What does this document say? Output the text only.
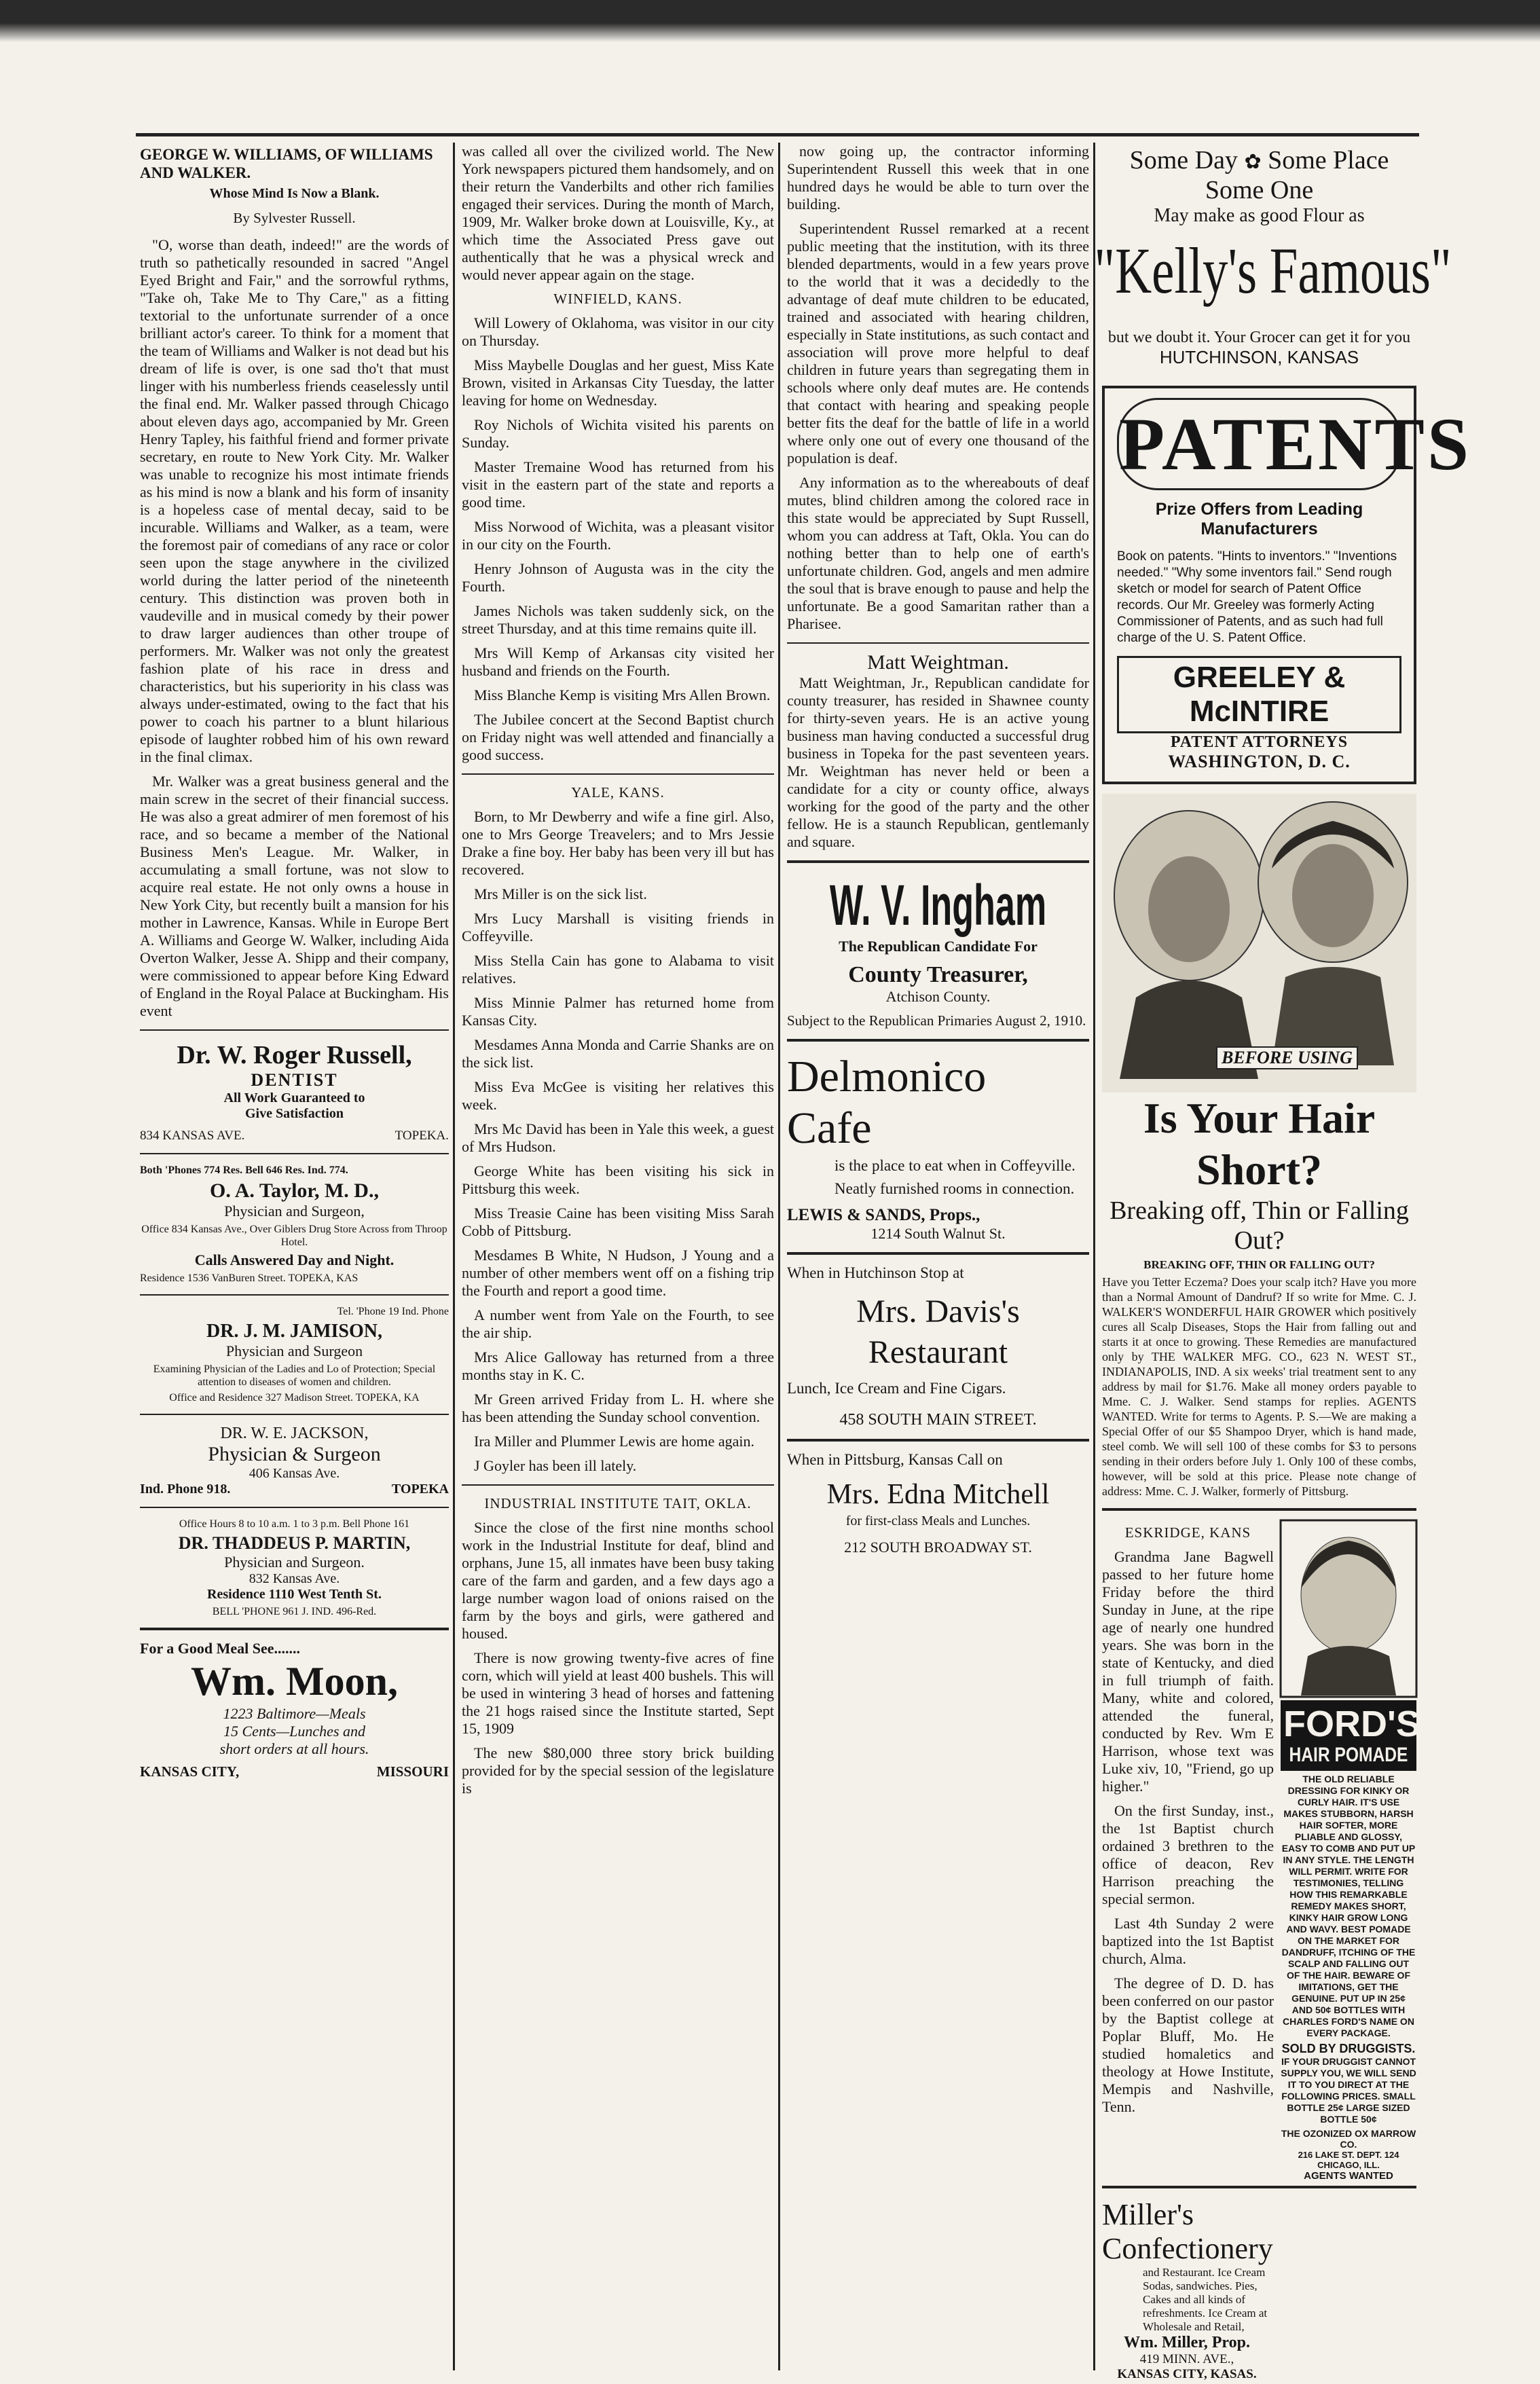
GEORGE W. WILLIAMS, OF WILLIAMS AND WALKER.
Whose Mind Is Now a Blank.
By Sylvester Russell.

"O, worse than death, indeed!" are the words of truth so pathetically resounded in sacred "Angel Eyed Bright and Fair," and the sorrowful rythms, "Take oh, Take Me to Thy Care," as a fitting textorial to the unfortunate surrender of a once brilliant actor's career. To think for a moment that the team of Williams and Walker is not dead but his dream of life is over, is one sad tho't that must linger with his numberless friends ceaselessly until the final end. Mr. Walker passed through Chicago about eleven days ago, accompanied by Mr. Green Henry Tapley, his faithful friend and former private secretary, en route to New York City. Mr. Walker was unable to recognize his most intimate friends as his mind is now a blank and his form of insanity is a hopeless case of mental decay, said to be incurable. Williams and Walker, as a team, were the foremost pair of comedians of any race or color seen upon the stage anywhere in the civilized world during the latter period of the nineteenth century. This distinction was proven both in vaudeville and in musical comedy by their power to draw larger audiences than other troupe of performers. Mr. Walker was not only the greatest fashion plate of his race in dress and characteristics, but his superiority in his class was always under-estimated, owing to the fact that his power to coach his partner to a blunt hilarious episode of laughter robbed him of his own reward in the final climax.

Mr. Walker was a great business general and the main screw in the secret of their financial success. He was also a great admirer of men foremost of his race, and so became a member of the National Business Men's League. Mr. Walker, in accumulating a small fortune, was not slow to acquire real estate. He not only owns a house in New York City, but recently built a mansion for his mother in Lawrence, Kansas. While in Europe Bert A. Williams and George W. Walker, including Aida Overton Walker, Jesse A. Shipp and their company, were commissioned to appear before King Edward of England in the Royal Palace at Buckingham. His event

Dr. W. Roger Russell,
DENTIST
All Work Guaranteed to
Give Satisfaction
834 KANSAS AVE.	TOPEKA.
Both 'Phones 774 Res. Bell 646 Res. Ind. 774.
O. A. Taylor, M. D.,
Physician and Surgeon,
Office 834 Kansas Ave., Over Giblers Drug Store Across from Throop Hotel.
Calls Answered Day and Night.
Residence 1536 VanBuren Street. TOPEKA, KAS
Tel. 'Phone 19 Ind. Phone
DR. J. M. JAMISON,
Physician and Surgeon
Examining Physician of the Ladies and Lo of Protection; Special attention to diseases of women and children.
Office and Residence 327 Madison Street. TOPEKA, KA
DR. W. E. JACKSON,
Physician & Surgeon
406 Kansas Ave.
Ind. Phone 918.	TOPEKA
Office Hours 8 to 10 a.m. 1 to 3 p.m. Bell Phone 161
DR. THADDEUS P. MARTIN,
Physician and Surgeon.
832 Kansas Ave.
Residence 1110 West Tenth St.
BELL 'PHONE 961 J. IND. 496-Red.
For a Good Meal See.......
Wm. Moon,
1223 Baltimore—Meals
15 Cents—Lunches and
short orders at all hours.
KANSAS CITY,	MISSOURI

was called all over the civilized world. The New York newspapers pictured them handsomely, and on their return the Vanderbilts and other rich families engaged their services. During the month of March, 1909, Mr. Walker broke down at Louisville, Ky., at which time the Associated Press gave out authentically that he was a physical wreck and would never appear again on the stage.

WINFIELD, KANS.

Will Lowery of Oklahoma, was visitor in our city on Thursday.

Miss Maybelle Douglas and her guest, Miss Kate Brown, visited in Arkansas City Tuesday, the latter leaving for home on Wednesday.

Roy Nichols of Wichita visited his parents on Sunday.

Master Tremaine Wood has returned from his visit in the eastern part of the state and reports a good time.

Miss Norwood of Wichita, was a pleasant visitor in our city on the Fourth.

Henry Johnson of Augusta was in the city the Fourth.

James Nichols was taken suddenly sick, on the street Thursday, and at this time remains quite ill.

Mrs Will Kemp of Arkansas city visited her husband and friends on the Fourth.

Miss Blanche Kemp is visiting Mrs Allen Brown.

The Jubilee concert at the Second Baptist church on Friday night was well attended and financially a good success.

YALE, KANS.

Born, to Mr Dewberry and wife a fine girl. Also, one to Mrs George Treavelers; and to Mrs Jessie Drake a fine boy. Her baby has been very ill but has recovered.

Mrs Miller is on the sick list.

Mrs Lucy Marshall is visiting friends in Coffeyville.

Miss Stella Cain has gone to Alabama to visit relatives.

Miss Minnie Palmer has returned home from Kansas City.

Mesdames Anna Monda and Carrie Shanks are on the sick list.

Miss Eva McGee is visiting her relatives this week.

Mrs Mc David has been in Yale this week, a guest of Mrs Hudson.

George White has been visiting his sick in Pittsburg this week.

Miss Treasie Caine has been visiting Miss Sarah Cobb of Pittsburg.

Mesdames B White, N Hudson, J Young and a number of other members went off on a fishing trip the Fourth and report a good time.

A number went from Yale on the Fourth, to see the air ship.

Mrs Alice Galloway has returned from a three months stay in K. C.

Mr Green arrived Friday from L. H. where she has been attending the Sunday school convention.

Ira Miller and Plummer Lewis are home again.

J Goyler has been ill lately.

INDUSTRIAL INSTITUTE TAIT, OKLA.

Since the close of the first nine months school work in the Industrial Institute for deaf, blind and orphans, June 15, all inmates have been busy taking care of the farm and garden, and a few days ago a large number wagon load of onions raised on the farm by the boys and girls, were gathered and housed.

There is now growing twenty-five acres of fine corn, which will yield at least 400 bushels. This will be used in wintering 3 head of horses and fattening the 21 hogs raised since the Institute started, Sept 15, 1909

The new $80,000 three story brick building provided for by the special session of the legislature is

now going up, the contractor informing Superintendent Russell this week that in one hundred days he would be able to turn over the building.

Superintendent Russel remarked at a recent public meeting that the institution, with its three blended departments, would in a few years prove to the world that it was a decidedly to the advantage of deaf mute children to be educated, trained and associated with hearing children, especially in State institutions, as such contact and association will prove more helpful to deaf children in future years than segregating them in schools where only deaf mutes are. He contends that contact with hearing and speaking people better fits the deaf for the battle of life in a world where only one out of every one thousand of the population is deaf.

Any information as to the whereabouts of deaf mutes, blind children among the colored race in this state would be appreciated by Supt Russell, whom you can address at Taft, Okla. You can do nothing better than to help one of earth's unfortunate children. God, angels and men admire the soul that is brave enough to pause and help the unfortunate. Be a good Samaritan rather than a Pharisee.

Matt Weightman.

Matt Weightman, Jr., Republican candidate for county treasurer, has resided in Shawnee county for thirty-seven years. He is an active young business man having conducted a successful drug business in Topeka for the past seventeen years. Mr. Weightman has never held or been a candidate for a city or county office, always working for the good of the party and the other fellow. He is a staunch Republican, gentlemanly and square.

W. V. Ingham
The Republican Candidate For
County Treasurer,
Atchison County.
Subject to the Republican Primaries August 2, 1910.
Delmonico
Cafe
is the place to eat when in Coffeyville. Neatly furnished rooms in connection.
LEWIS & SANDS, Props.,
1214 South Walnut St.
When in Hutchinson Stop at
Mrs. Davis's
Restaurant
Lunch, Ice Cream and Fine Cigars.
458 SOUTH MAIN STREET.
When in Pittsburg, Kansas Call on
Mrs. Edna Mitchell
for first-class Meals and Lunches.
212 SOUTH BROADWAY ST.
Some Day ✿ Some Place
Some One
May make as good Flour as
"Kelly's Famous"
but we doubt it. Your Grocer can get it for you
HUTCHINSON, KANSAS
PATENTS
Prize Offers from Leading Manufacturers
Book on patents. "Hints to inventors." "Inventions needed." "Why some inventors fail." Send rough sketch or model for search of Patent Office records. Our Mr. Greeley was formerly Acting Commissioner of Patents, and as such had full charge of the U. S. Patent Office.
GREELEY & McINTIRE
PATENT ATTORNEYS
WASHINGTON, D. C.
BEFORE USING
Is Your Hair Short?
Breaking off, Thin or Falling Out?
BREAKING OFF, THIN OR FALLING OUT?
Have you Tetter Eczema? Does your scalp itch? Have you more than a Normal Amount of Dandruf? If so write for Mme. C. J. WALKER'S WONDERFUL HAIR GROWER which positively cures all Scalp Diseases, Stops the Hair from falling out and starts it at once to growing. These Remedies are manufactured only by THE WALKER MFG. CO., 623 N. WEST ST., INDIANAPOLIS, IND. A six weeks' trial treatment sent to any address by mail for $1.76. Make all money orders payable to Mme. C. J. Walker. Send stamps for replies. AGENTS WANTED. Write for terms to Agents. P. S.—We are making a Special Offer of our $5 Shampoo Dryer, which is hand made, steel comb. We will sell 100 of these combs for $3 to persons sending in their orders before July 1. Only 100 of these combs, however, will be sold at this price. Please note change of address: Mme. C. J. Walker, formerly of Pittsburg.
ESKRIDGE, KANS

Grandma Jane Bagwell passed to her future home Friday before the third Sunday in June, at the ripe age of nearly one hundred years. She was born in the state of Kentucky, and died in full triumph of faith. Many, white and colored, attended the funeral, conducted by Rev. Wm E Harrison, whose text was Luke xiv, 10, "Friend, go up higher."

On the first Sunday, inst., the 1st Baptist church ordained 3 brethren to the office of deacon, Rev Harrison preaching the special sermon.

Last 4th Sunday 2 were baptized into the 1st Baptist church, Alma.

The degree of D. D. has been conferred on our pastor by the Baptist college at Poplar Bluff, Mo. He studied homaletics and theology at Howe Institute, Mempis and Nashville, Tenn.

FORD'S
HAIR POMADE
THE OLD RELIABLE DRESSING FOR KINKY OR CURLY HAIR. IT'S USE MAKES STUBBORN, HARSH HAIR SOFTER, MORE PLIABLE AND GLOSSY, EASY TO COMB AND PUT UP IN ANY STYLE. THE LENGTH WILL PERMIT. WRITE FOR TESTIMONIES, TELLING HOW THIS REMARKABLE REMEDY MAKES SHORT, KINKY HAIR GROW LONG AND WAVY. BEST POMADE ON THE MARKET FOR DANDRUFF, ITCHING OF THE SCALP AND FALLING OUT OF THE HAIR. BEWARE OF IMITATIONS, GET THE GENUINE. PUT UP IN 25¢ AND 50¢ BOTTLES WITH CHARLES FORD'S NAME ON EVERY PACKAGE.
SOLD BY DRUGGISTS.
IF YOUR DRUGGIST CANNOT SUPPLY YOU, WE WILL SEND IT TO YOU DIRECT AT THE FOLLOWING PRICES. SMALL BOTTLE 25¢ LARGE SIZED BOTTLE 50¢
THE OZONIZED OX MARROW CO.
216 LAKE ST. DEPT. 124 CHICAGO, ILL.
AGENTS WANTED
Miller's
Confectionery
and Restaurant. Ice Cream Sodas, sandwiches. Pies, Cakes and all kinds of refreshments. Ice Cream at Wholesale and Retail,
Wm. Miller, Prop.
419 MINN. AVE.,
KANSAS CITY, KASAS.
